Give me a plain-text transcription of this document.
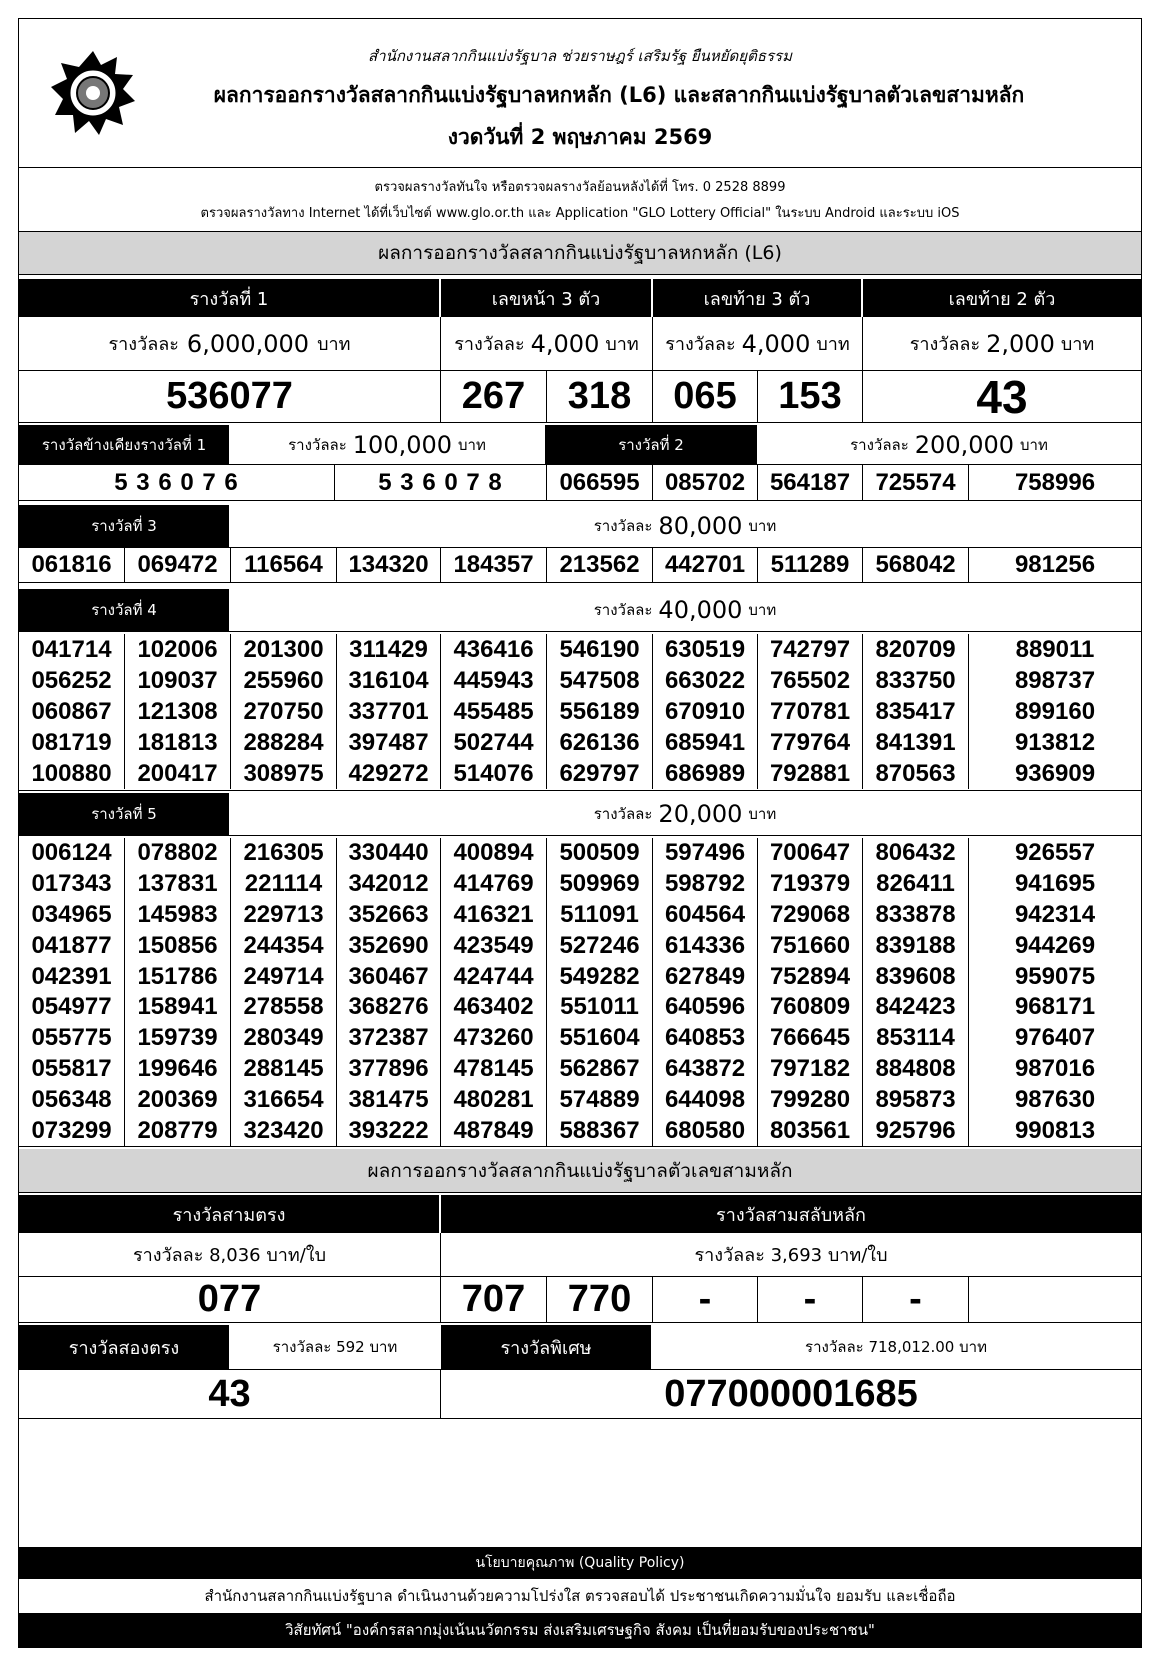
สำนักงานสลากกินแบ่งรัฐบาล ช่วยราษฎร์ เสริมรัฐ ยืนหยัดยุติธรรม
ผลการออกรางวัลสลากกินแบ่งรัฐบาลหกหลัก (L6) และสลากกินแบ่งรัฐบาลตัวเลขสามหลัก
งวดวันที่ 2 พฤษภาคม 2569
ตรวจผลรางวัลทันใจ หรือตรวจผลรางวัลย้อนหลังได้ที่ โทร. 0 2528 8899
ตรวจผลรางวัลทาง Internet ได้ที่เว็บไซต์ www.glo.or.th และ Application "GLO Lottery Official" ในระบบ Android และระบบ iOS
ผลการออกรางวัลสลากกินแบ่งรัฐบาลหกหลัก (L6)
รางวัลที่ 1	เลขหน้า 3 ตัว	เลขท้าย 3 ตัว	เลขท้าย 2 ตัว
รางวัลละ 6,000,000 บาท	รางวัลละ 4,000 บาท รางวัลละ 4,000 บาท	รางวัลละ 2,000 บาท
536077	267	318	065	153	43
รางวัลข้างเคียงรางวัลที่ 1	รางวัลละ 100,000 บาท	รางวัลที่ 2	รางวัลละ 200,000 บาท
5 3 6 0 7 6	5 3 6 0 7 8	066595	085702	564187	725574	758996
รางวัลที่ 3	รางวัลละ 80,000 บาท
061816	069472	116564	134320	184357	213562	442701	511289	568042	981256
รางวัลที่ 4	รางวัลละ 40,000 บาท
041714	102006	201300	311429	436416	546190	630519	742797	820709	889011
056252	109037	255960	316104	445943	547508	663022	765502	833750	898737
060867	121308	270750	337701	455485	556189	670910	770781	835417	899160
081719	181813	288284	397487	502744	626136	685941	779764	841391	913812
100880	200417	308975	429272	514076	629797	686989	792881	870563	936909
รางวัลที่ 5	รางวัลละ 20,000 บาท
006124	078802	216305	330440	400894	500509	597496	700647	806432	926557
017343	137831	221114	342012	414769	509969	598792	719379	826411	941695
034965	145983	229713	352663	416321	511091	604564	729068	833878	942314
041877	150856	244354	352690	423549	527246	614336	751660	839188	944269
042391	151786	249714	360467	424744	549282	627849	752894	839608	959075
054977	158941	278558	368276	463402	551011	640596	760809	842423	968171
055775	159739	280349	372387	473260	551604	640853	766645	853114	976407
055817	199646	288145	377896	478145	562867	643872	797182	884808	987016
056348	200369	316654	381475	480281	574889	644098	799280	895873	987630
073299	208779	323420	393222	487849	588367	680580	803561	925796	990813
ผลการออกรางวัลสลากกินแบ่งรัฐบาลตัวเลขสามหลัก
รางวัลสามตรง	รางวัลสามสลับหลัก
รางวัลละ 8,036 บาท/ใบ	รางวัลละ 3,693 บาท/ใบ
077	707	770	-	-	-
รางวัลสองตรง	รางวัลละ 592 บาท	รางวัลพิเศษ	รางวัลละ 718,012.00 บาท
43	077000001685
นโยบายคุณภาพ (Quality Policy)
สำนักงานสลากกินแบ่งรัฐบาล ดำเนินงานด้วยความโปร่งใส ตรวจสอบได้ ประชาชนเกิดความมั่นใจ ยอมรับ และเชื่อถือ
วิสัยทัศน์ "องค์กรสลากมุ่งเน้นนวัตกรรม ส่งเสริมเศรษฐกิจ สังคม เป็นที่ยอมรับของประชาชน"
